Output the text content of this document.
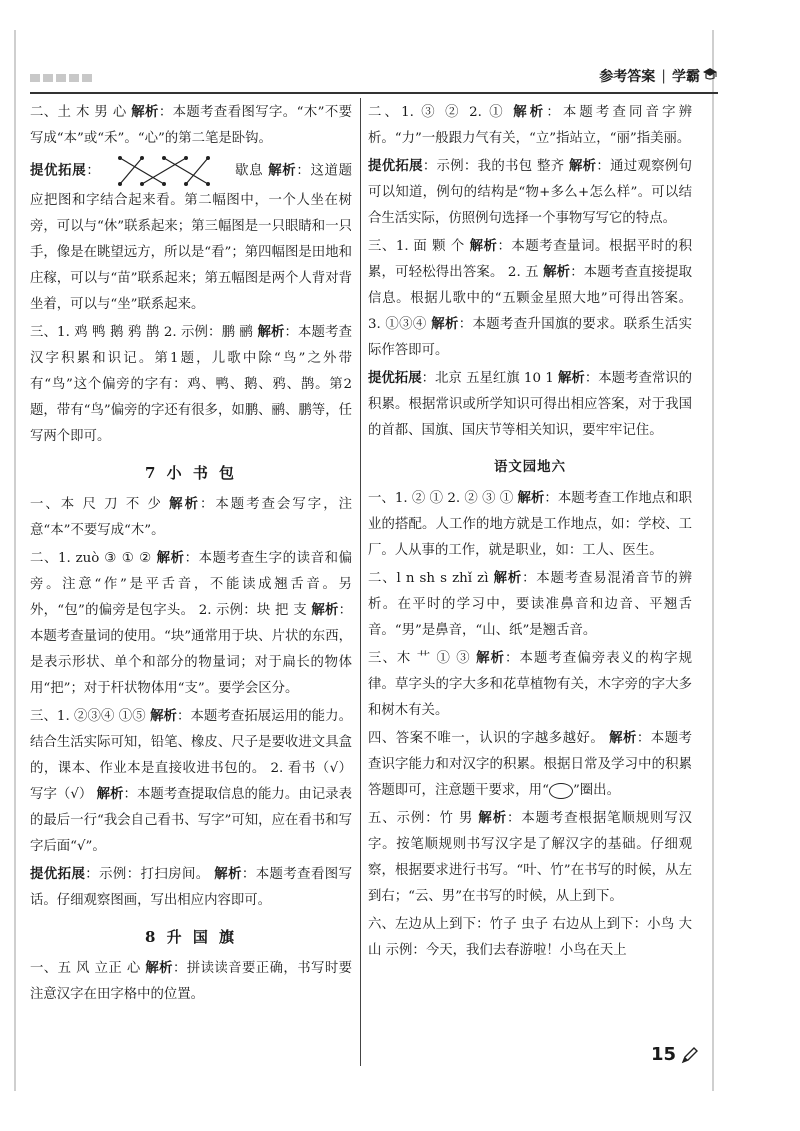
参考答案 | 学霸

二、土 木 男 心 解析：本题考查看图写字。“木”不要写成“本”或“禾”。“心”的第二笔是卧钩。

提优拓展：	歇息 解析：这道题应把图和字结合起来看。第二幅图中，一个人坐在树旁，可以与“休”联系起来；第三幅图是一只眼睛和一只手，像是在眺望远方，所以是“看”；第四幅图是田地和庄稼，可以与“苗”联系起来；第五幅图是两个人背对背坐着，可以与“坐”联系起来。

三、1. 鸡 鸭 鹅 鸦 鹊 2. 示例：鹏 鹂 解析：本题考查汉字积累和识记。第1题，儿歌中除“鸟”之外带有“鸟”这个偏旁的字有：鸡、鸭、鹅、鸦、鹊。第2题，带有“鸟”偏旁的字还有很多，如鹏、鹂、鹏等，任写两个即可。

7 小 书 包

一、本 尺 刀 不 少 解析：本题考查会写字，注意“本”不要写成“木”。

二、1. zuò ③ ① ② 解析：本题考查生字的读音和偏旁。注意“作”是平舌音，不能读成翘舌音。另外，“包”的偏旁是包字头。 2. 示例：块 把 支 解析：本题考查量词的使用。“块”通常用于块、片状的东西，是表示形状、单个和部分的物量词；对于扁长的物体用“把”；对于杆状物体用“支”。要学会区分。

三、1. ②③④ ①⑤ 解析：本题考查拓展运用的能力。结合生活实际可知，铅笔、橡皮、尺子是要收进文具盒的，课本、作业本是直接收进书包的。 2. 看书（√） 写字（√） 解析：本题考查提取信息的能力。由记录表的最后一行“我会自己看书、写字”可知，应在看书和写字后面“√”。

提优拓展：示例：打扫房间。 解析：本题考查看图写话。仔细观察图画，写出相应内容即可。

8 升 国 旗

一、五 风 立正 心 解析：拼读读音要正确，书写时要注意汉字在田字格中的位置。

二、1. ③ ② 2. ① 解析：本题考查同音字辨析。“力”一般跟力气有关，“立”指站立，“丽”指美丽。

提优拓展：示例：我的书包 整齐 解析：通过观察例句可以知道，例句的结构是“物+多么+怎么样”。可以结合生活实际，仿照例句选择一个事物写写它的特点。

三、1. 面 颗 个 解析：本题考查量词。根据平时的积累，可轻松得出答案。 2. 五 解析：本题考查直接提取信息。根据儿歌中的“五颗金星照大地”可得出答案。 3. ①③④ 解析：本题考查升国旗的要求。联系生活实际作答即可。

提优拓展：北京 五星红旗 10 1 解析：本题考查常识的积累。根据常识或所学知识可得出相应答案，对于我国的首都、国旗、国庆节等相关知识，要牢牢记住。

语文园地六

一、1. ② ① 2. ② ③ ① 解析：本题考查工作地点和职业的搭配。人工作的地方就是工作地点，如：学校、工厂。人从事的工作，就是职业，如：工人、医生。

二、l n sh s zhǐ zì 解析：本题考查易混淆音节的辨析。在平时的学习中，要读准鼻音和边音、平翘舌音。“男”是鼻音，“山、纸”是翘舌音。

三、木 艹 ① ③ 解析：本题考查偏旁表义的构字规律。草字头的字大多和花草植物有关，木字旁的字大多和树木有关。

四、答案不唯一，认识的字越多越好。 解析：本题考查识字能力和对汉字的积累。根据日常及学习中的积累答题即可，注意题干要求，用“○”圈出。

五、示例：竹 男 解析：本题考查根据笔顺规则写汉字。按笔顺规则书写汉字是了解汉字的基础。仔细观察，根据要求进行书写。“叶、竹”在书写的时候，从左到右；“云、男”在书写的时候，从上到下。

六、左边从上到下：竹子 虫子 右边从上到下：小鸟 大山 示例：今天，我们去春游啦！小鸟在天上

15
